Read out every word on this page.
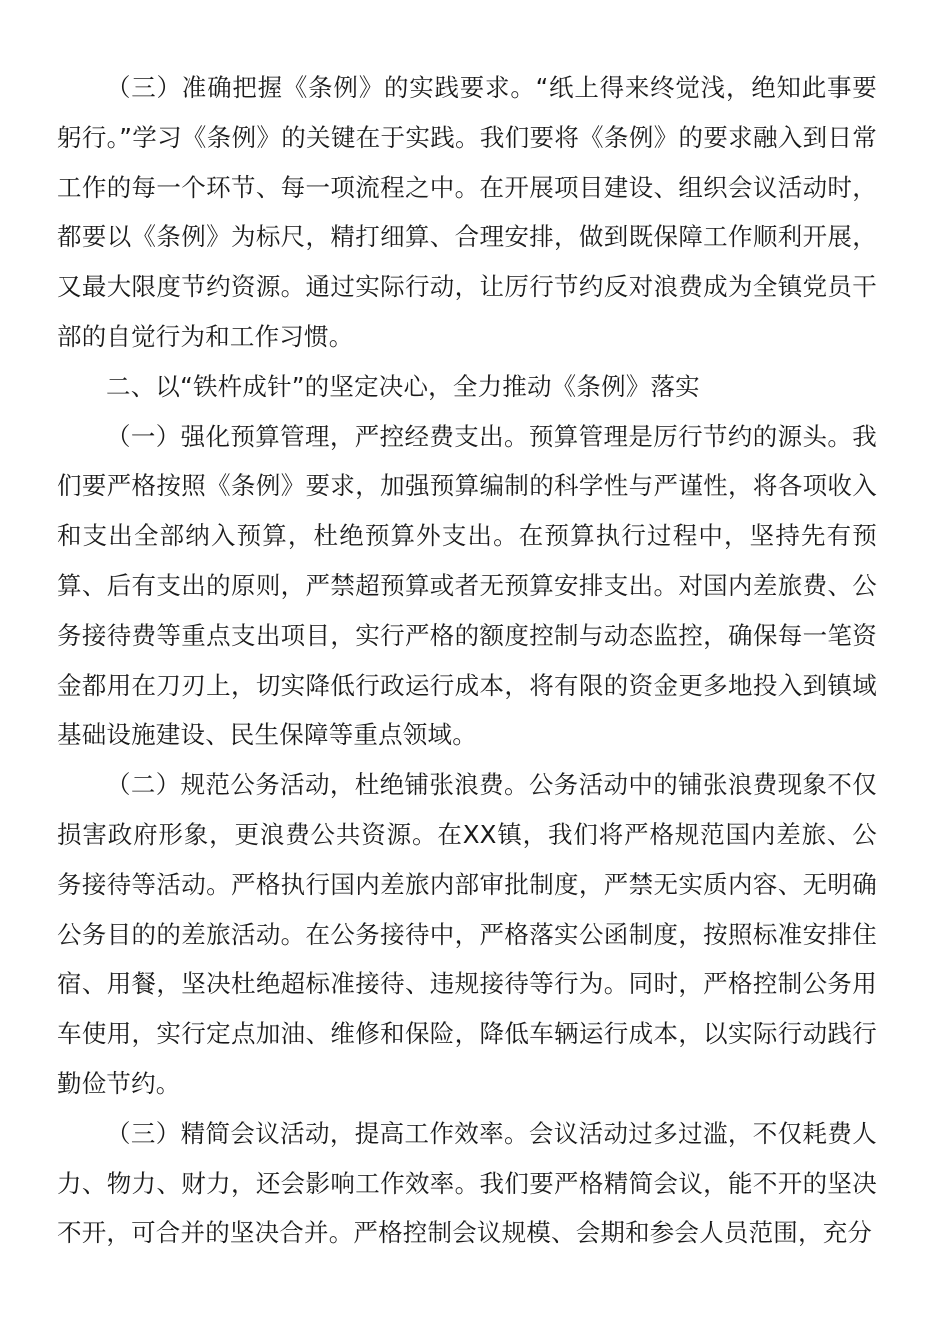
（三）准确把握《条例》的实践要求。“纸上得来终觉浅，绝知此事要躬行。”学习《条例》的关键在于实践。我们要将《条例》的要求融入到日常工作的每一个环节、每一项流程之中。在开展项目建设、组织会议活动时，都要以《条例》为标尺，精打细算、合理安排，做到既保障工作顺利开展，又最大限度节约资源。通过实际行动，让厉行节约反对浪费成为全镇党员干部的自觉行为和工作习惯。

二、以“铁杵成针”的坚定决心，全力推动《条例》落实

（一）强化预算管理，严控经费支出。预算管理是厉行节约的源头。我们要严格按照《条例》要求，加强预算编制的科学性与严谨性，将各项收入和支出全部纳入预算，杜绝预算外支出。在预算执行过程中，坚持先有预算、后有支出的原则，严禁超预算或者无预算安排支出。对国内差旅费、公务接待费等重点支出项目，实行严格的额度控制与动态监控，确保每一笔资金都用在刀刃上，切实降低行政运行成本，将有限的资金更多地投入到镇域基础设施建设、民生保障等重点领域。

（二）规范公务活动，杜绝铺张浪费。公务活动中的铺张浪费现象不仅损害政府形象，更浪费公共资源。在XX镇，我们将严格规范国内差旅、公务接待等活动。严格执行国内差旅内部审批制度，严禁无实质内容、无明确公务目的的差旅活动。在公务接待中，严格落实公函制度，按照标准安排住宿、用餐，坚决杜绝超标准接待、违规接待等行为。同时，严格控制公务用车使用，实行定点加油、维修和保险，降低车辆运行成本，以实际行动践行勤俭节约。

（三）精简会议活动，提高工作效率。会议活动过多过滥，不仅耗费人力、物力、财力，还会影响工作效率。我们要严格精简会议，能不开的坚决不开，可合并的坚决合并。严格控制会议规模、会期和参会人员范围，充分
